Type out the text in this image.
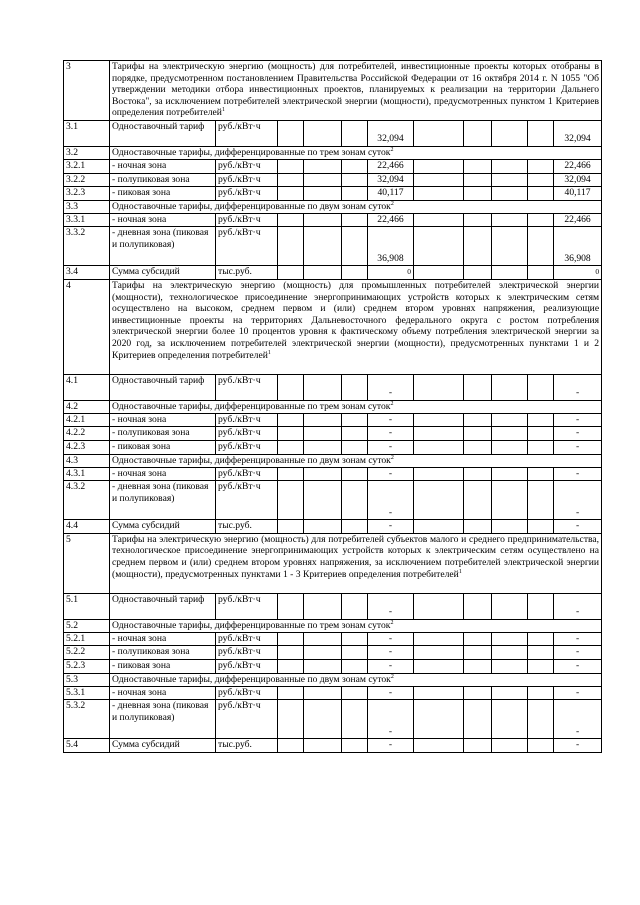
3	Тарифы на электрическую энергию (мощность) для потребителей, инвестиционные проекты которых отобраны в порядке, предусмотренном постановлением Правительства Российской Федерации от 16 октября 2014 г. N 1055 "Об утверждении методики отбора инвестиционных проектов, планируемых к реализации на территории Дальнего Востока", за исключением потребителей электрической энергии (мощности), предусмотренных пунктом 1 Критериев определения потребителей$^1$
3.1	Одноставочный тариф	руб./кВт·ч				32,094					32,094
3.2	Одноставочные тарифы, дифференцированные по трем зонам суток$^2$
3.2.1	- ночная зона	руб./кВт·ч				22,466					22,466
3.2.2	- полупиковая зона	руб./кВт·ч				32,094					32,094
3.2.3	- пиковая зона	руб./кВт·ч				40,117					40,117
3.3	Одноставочные тарифы, дифференцированные по двум зонам суток$^2$
3.3.1	- ночная зона	руб./кВт·ч				22,466					22,466
3.3.2	- дневная зона (пиковая и полупиковая)	руб./кВт·ч				36,908					36,908
3.4	Сумма субсидий	тыс.руб.				0					0
4	Тарифы на электрическую энергию (мощность) для промышленных потребителей электрической энергии (мощности), технологическое присоединение энергопринимающих устройств которых к электрическим сетям осуществлено на высоком, среднем первом и (или) среднем втором уровнях напряжения, реализующие инвестиционные проекты на территориях Дальневосточного федерального округа с ростом потребления электрической энергии более 10 процентов уровня к фактическому объему потребления электрической энергии за 2020 год, за исключением потребителей электрической энергии (мощности), предусмотренных пунктами 1 и 2 Критериев определения потребителей$^1$
4.1	Одноставочный тариф	руб./кВт·ч				-					-
4.2	Одноставочные тарифы, дифференцированные по трем зонам суток$^2$
4.2.1	- ночная зона	руб./кВт·ч				-					-
4.2.2	- полупиковая зона	руб./кВт·ч				-					-
4.2.3	- пиковая зона	руб./кВт·ч				-					-
4.3	Одноставочные тарифы, дифференцированные по двум зонам суток$^2$
4.3.1	- ночная зона	руб./кВт·ч				-					-
4.3.2	- дневная зона (пиковая и полупиковая)	руб./кВт·ч				-					-
4.4	Сумма субсидий	тыс.руб.				-					-
5	Тарифы на электрическую энергию (мощность) для потребителей субъектов малого и среднего предпринимательства, технологическое присоединение энергопринимающих устройств которых к электрическим сетям осуществлено на среднем первом и (или) среднем втором уровнях напряжения, за исключением потребителей электрической энергии (мощности), предусмотренных пунктами 1 - 3 Критериев определения потребителей$^1$
5.1	Одноставочный тариф	руб./кВт·ч				-					-
5.2	Одноставочные тарифы, дифференцированные по трем зонам суток$^2$
5.2.1	- ночная зона	руб./кВт·ч				-					-
5.2.2	- полупиковая зона	руб./кВт·ч				-					-
5.2.3	- пиковая зона	руб./кВт·ч				-					-
5.3	Одноставочные тарифы, дифференцированные по двум зонам суток$^2$
5.3.1	- ночная зона	руб./кВт·ч				-					-
5.3.2	- дневная зона (пиковая и полупиковая)	руб./кВт·ч				-					-
5.4	Сумма субсидий	тыс.руб.				-					-
